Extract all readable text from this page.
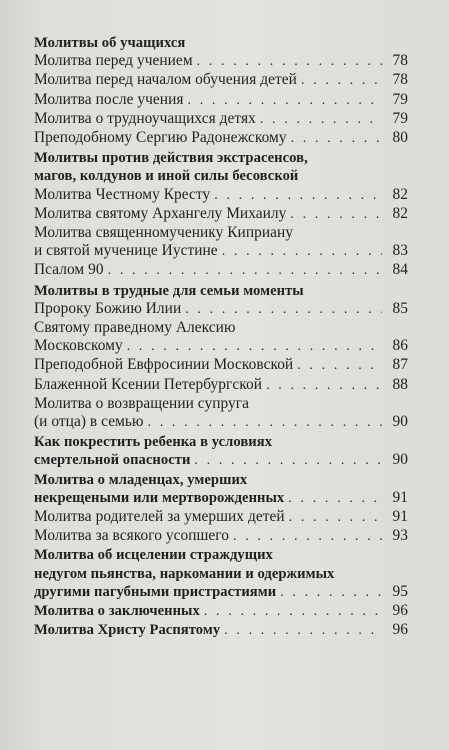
Молитвы об учащихся
Молитва перед учением . . .	78
Молитва перед началом обучения детей . . .	78
Молитва после учения . . .	79
Молитва о трудноучащихся детях . . .	79
Преподобному Сергию Радонежскому . . .	80
Молитвы против действия экстрасенсов,
магов, колдунов и иной силы бесовской
Молитва Честному Кресту . . .	82
Молитва святому Архангелу Михаилу . . .	82
Молитва священномученику Киприану
и святой мученице Иустине . . .	83
Псалом 90 . . .	84
Молитвы в трудные для семьи моменты
Пророку Божию Илии . . .	85
Святому праведному Алексию
Московскому . . .	86
Преподобной Евфросинии Московской . . .	87
Блаженной Ксении Петербургской . . .	88
Молитва о возвращении супруга
(и отца) в семью . . .	90
Как покрестить ребенка в условиях
смертельной опасности . . .	90
Молитва о младенцах, умерших
некрещеными или мертворожденных . . .	91
Молитва родителей за умерших детей . . .	91
Молитва за всякого усопшего . . .	93
Молитва об исцелении страждущих
недугом пьянства, наркомании и одержимых
другими пагубными пристрастиями . . .	95
Молитва о заключенных . . .	96
Молитва Христу Распятому . . .	96
